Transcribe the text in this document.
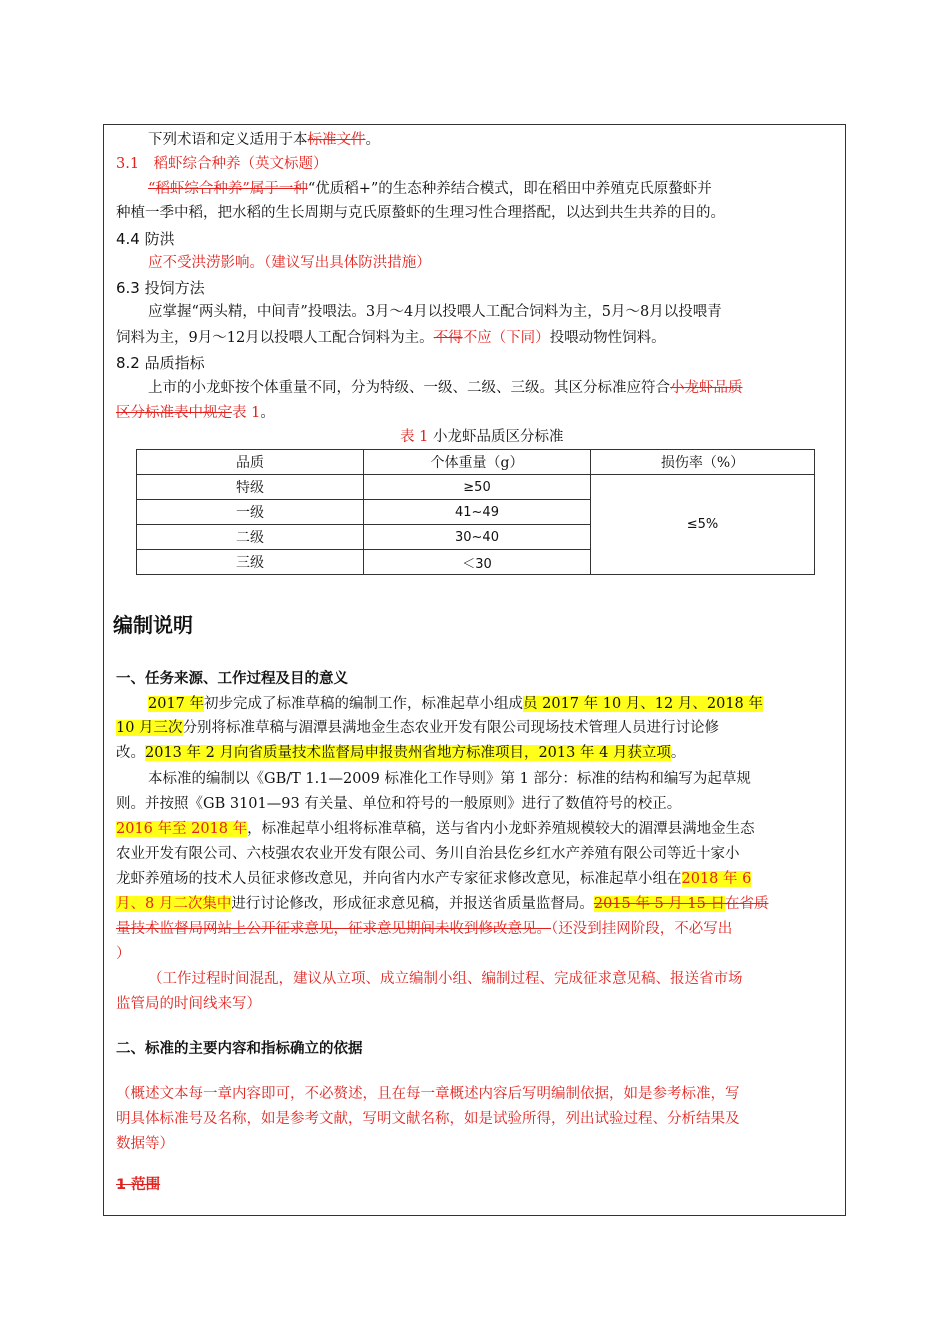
下列术语和定义适用于本标准文件。
3.1　稻虾综合种养（英文标题）
“稻虾综合种养”属于一种“优质稻+”的生态种养结合模式，即在稻田中养殖克氏原螯虾并
种植一季中稻，把水稻的生长周期与克氏原螯虾的生理习性合理搭配，以达到共生共养的目的。
4.4 防洪
应不受洪涝影响。（建议写出具体防洪措施）
6.3 投饲方法
应掌握“两头精，中间青”投喂法。3月～4月以投喂人工配合饲料为主，5月～8月以投喂青
饲料为主，9月～12月以投喂人工配合饲料为主。不得不应（下同）投喂动物性饲料。
8.2 品质指标
上市的小龙虾按个体重量不同，分为特级、一级、二级、三级。其区分标准应符合小龙虾品质
区分标准表中规定表 1。
表 1 小龙虾品质区分标准
品质	个体重量（g）	损伤率（%）
特级	≥50	≤5%
一级	41~49	
二级	30~40	
三级	＜30	
编制说明
一、任务来源、工作过程及目的意义
2017 年初步完成了标准草稿的编制工作，标准起草小组成员 2017 年 10 月、12 月、2018 年
10 月三次分别将标准草稿与湄潭县满地金生态农业开发有限公司现场技术管理人员进行讨论修
改。2013 年 2 月向省质量技术监督局申报贵州省地方标准项目，2013 年 4 月获立项。
本标准的编制以《GB/T 1.1—2009 标准化工作导则》第 1 部分：标准的结构和编写为起草规
则。并按照《GB 3101—93 有关量、单位和符号的一般原则》进行了数值符号的校正。
2016 年至 2018 年，标准起草小组将标准草稿，送与省内小龙虾养殖规模较大的湄潭县满地金生态
农业开发有限公司、六枝强农农业开发有限公司、务川自治县仡乡红水产养殖有限公司等近十家小
龙虾养殖场的技术人员征求修改意见，并向省内水产专家征求修改意见，标准起草小组在2018 年 6
月、8 月二次集中进行讨论修改，形成征求意见稿，并报送省质量监督局。2015 年 5 月 15 日在省质
量技术监督局网站上公开征求意见，征求意见期间未收到修改意见。（还没到挂网阶段，不必写出
）
（工作过程时间混乱，建议从立项、成立编制小组、编制过程、完成征求意见稿、报送省市场
监管局的时间线来写）
二、标准的主要内容和指标确立的依据
（概述文本每一章内容即可，不必赘述，且在每一章概述内容后写明编制依据，如是参考标准，写
明具体标准号及名称，如是参考文献，写明文献名称，如是试验所得，列出试验过程、分析结果及
数据等）
1 范围
